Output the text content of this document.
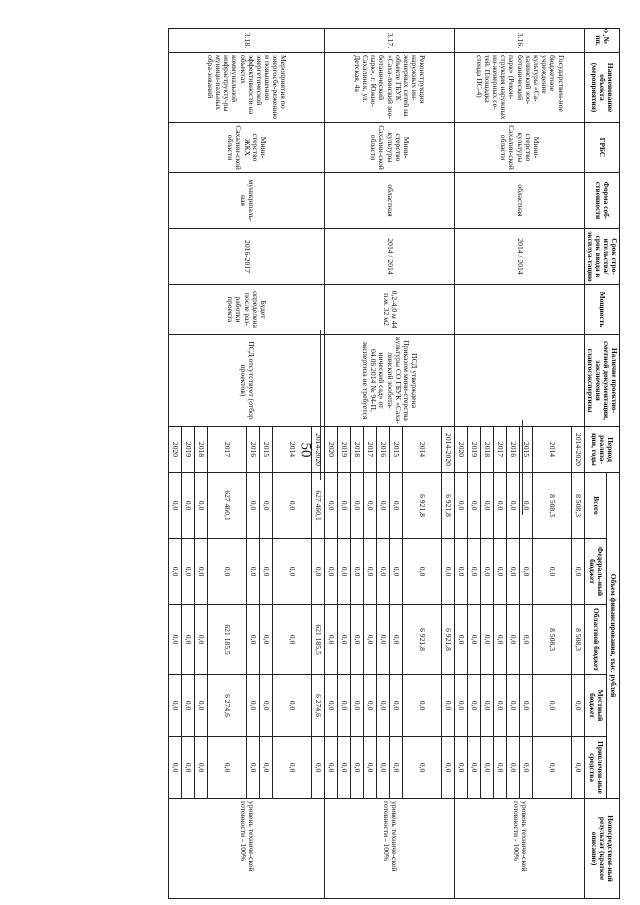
50
».
№ пп.	Наименование объекта (мероприятия)	ГРБС	Форма соб-ственности	Срок стро-ительства/ срок ввода в эксплуа-тацию	Мощность	Наличие проектно-сметной документации, заключения главгосэкспертизы	Период реализа-ции, годы	Объем финансирования, тыс. рублей					Непосредствен-ный результат (краткое описание)
								Всего	Федераль-ный бюджет	Областной бюджет	Местный бюджет	Привлечен-ные средства	
3.16.	Государствен-ное бюджетное учреждение культуры «Са-халинский зоо-ботанический парк» (Рекон-струкция наружных ин-женерных се-тей. Площадка стенда ПС-4)	Мини-стерство культуры Сахалин-ской области	областная	2014 / 2014			2014-2020	8 508,3	0,0	8 508,3	0,0	0,0	уровень техниче-ской готовности - 100%
							2014	8 508,3	0,0	8 508,3	0,0	0,0	
							2015	0,0	0,0	0,0	0,0	0,0	
							2016	0,0	0,0	0,0	0,0	0,0	
							2017	0,0	0,0	0,0	0,0	0,0	
							2018	0,0	0,0	0,0	0,0	0,0	
							2019	0,0	0,0	0,0	0,0	0,0	
							2020	0,0	0,0	0,0	0,0	0,0	
3.17.	Реконструкция наружных ин-женерных сетей на объекте ГБУК «Саха-линский зоо-ботанический парк», г. Южно-Сахалинск, ул. Детская, 4а	Мини-стерство культуры Сахалин-ской области	областная	2014 / 2014	0,2-4,0 м 44 п.м. 32 м2	ПСД утверждена Приказом мини-стерства культуры СО ГБУК «Саха-линский зообота-нический сад» от 04.06.2014 № 94-П, экспертиза не требуется	2014-2020	6 921,8	0,0	6 921,8	0,0	0,0	уровень техниче-ской готовности - 100%
							2014	6 921,8	0,0	6 921,8	0,0	0,0	
							2015	0,0	0,0	0,0	0,0	0,0	
							2016	0,0	0,0	0,0	0,0	0,0	
							2017	0,0	0,0	0,0	0,0	0,0	
							2018	0,0	0,0	0,0	0,0	0,0	
							2019	0,0	0,0	0,0	0,0	0,0	
							2020	0,0	0,0	0,0	0,0	0,0	
3.18.	Мероприятия по энергосбе-режению и повышению энергетической эффективности на объектах коммунальной инфраструкту-ры муници-пальных обра-зований	Мини-стерство ЖКХ Сахалин-ской области	муниципаль-ная	2016-2017	Будет определена после раз-работки проекта	ПСД отсутствует (отбор проектов)	2014-2020	627 460,1	0,0	621 185,5	6 274,6	0,0	уровень техниче-ской готовности - 100%
							2014	0,0	0,0	0,0	0,0	0,0	
							2015	0,0	0,0	0,0	0,0	0,0	
							2016	0,0	0,0	0,0	0,0	0,0	
							2017	627 460,1	0,0	621 185,5	6 274,6	0,0	
							2018	0,0	0,0	0,0	0,0	0,0	
							2019	0,0	0,0	0,0	0,0	0,0	
							2020	0,0	0,0	0,0	0,0	0,0	
